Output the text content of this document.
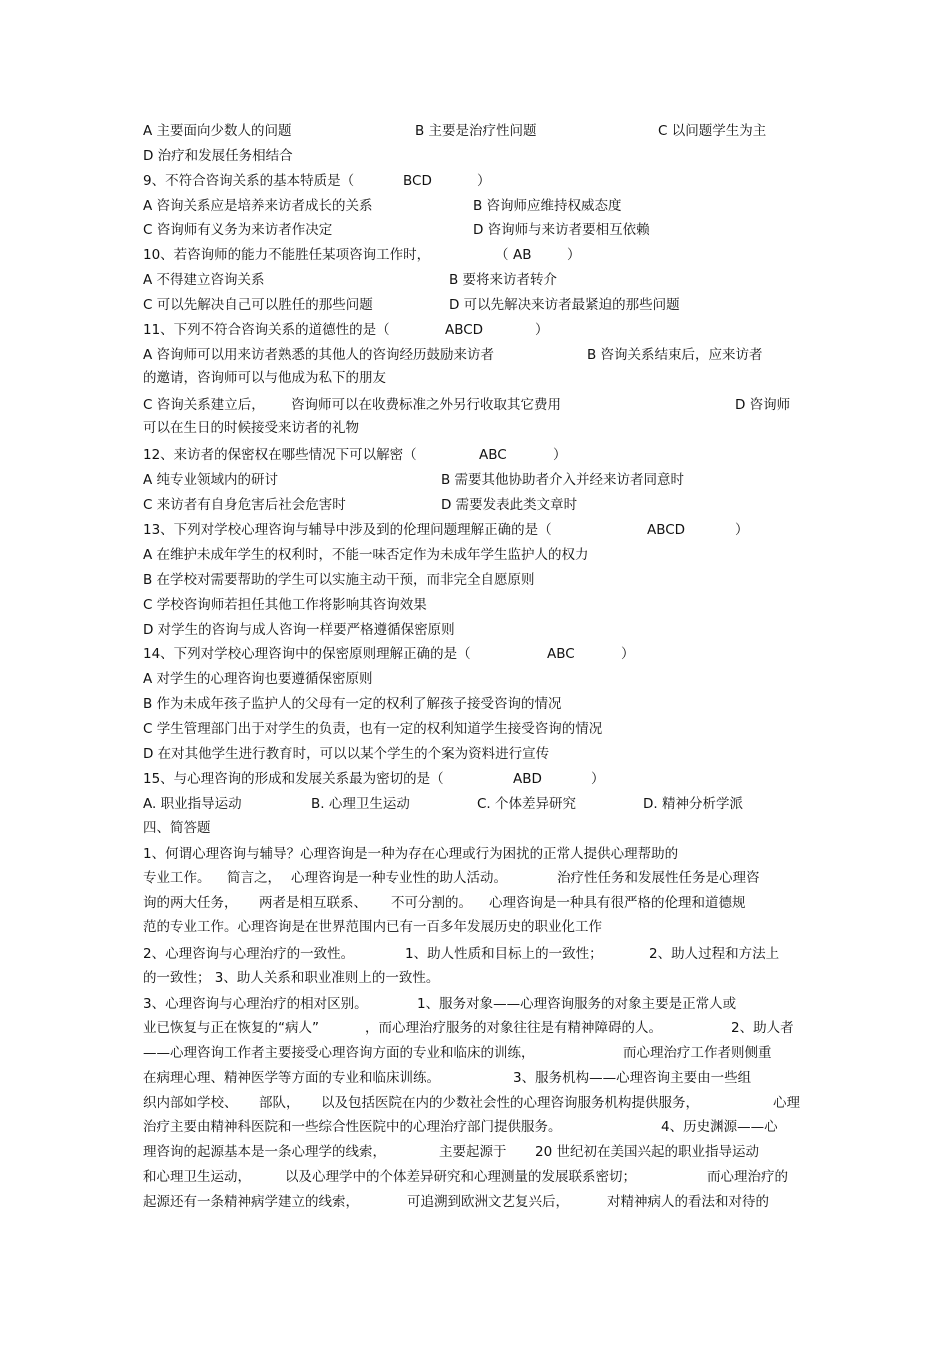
A 主要面向少数人的问题	B 主要是治疗性问题	C 以问题学生为主
D 治疗和发展任务相结合
9、不符合咨询关系的基本特质是（	BCD	）
A 咨询关系应是培养来访者成长的关系	B 咨询师应维持权威态度
C 咨询师有义务为来访者作决定	D 咨询师与来访者要相互依赖
10、若咨询师的能力不能胜任某项咨询工作时，	（ AB	）
A 不得建立咨询关系	B 要将来访者转介
C 可以先解决自己可以胜任的那些问题	D 可以先解决来访者最紧迫的那些问题
11、下列不符合咨询关系的道德性的是（	ABCD	）
A 咨询师可以用来访者熟悉的其他人的咨询经历鼓励来访者	B 咨询关系结束后，应来访者
的邀请，咨询师可以与他成为私下的朋友
C 咨询关系建立后， 咨询师可以在收费标准之外另行收取其它费用	D 咨询师
可以在生日的时候接受来访者的礼物
12、来访者的保密权在哪些情况下可以解密（	ABC	）
A 纯专业领域内的研讨	B 需要其他协助者介入并经来访者同意时
C 来访者有自身危害后社会危害时	D 需要发表此类文章时
13、下列对学校心理咨询与辅导中涉及到的伦理问题理解正确的是（	ABCD	）
A 在维护未成年学生的权利时，不能一味否定作为未成年学生监护人的权力
B 在学校对需要帮助的学生可以实施主动干预，而非完全自愿原则
C 学校咨询师若担任其他工作将影响其咨询效果
D 对学生的咨询与成人咨询一样要严格遵循保密原则
14、下列对学校心理咨询中的保密原则理解正确的是（	ABC	）
A 对学生的心理咨询也要遵循保密原则
B 作为未成年孩子监护人的父母有一定的权利了解孩子接受咨询的情况
C 学生管理部门出于对学生的负责，也有一定的权利知道学生接受咨询的情况
D 在对其他学生进行教育时，可以以某个学生的个案为资料进行宣传
15、与心理咨询的形成和发展关系最为密切的是（	ABD	）
A. 职业指导运动	B. 心理卫生运动	C. 个体差异研究	D. 精神分析学派
四、简答题
1、何谓心理咨询与辅导？心理咨询是一种为存在心理或行为困扰的正常人提供心理帮助的
专业工作。 简言之， 心理咨询是一种专业性的助人活动。	治疗性任务和发展性任务是心理咨
询的两大任务， 两者是相互联系、 不可分割的。 心理咨询是一种具有很严格的伦理和道德规
范的专业工作。心理咨询是在世界范围内已有一百多年发展历史的职业化工作
2、心理咨询与心理治疗的一致性。	1、助人性质和目标上的一致性；	2、助人过程和方法上
的一致性； 3、助人关系和职业准则上的一致性。
3、心理咨询与心理治疗的相对区别。	1、服务对象——心理咨询服务的对象主要是正常人或
业已恢复与正在恢复的“病人”	，而心理治疗服务的对象往往是有精神障碍的人。	2、助人者
——心理咨询工作者主要接受心理咨询方面的专业和临床的训练，	而心理治疗工作者则侧重
在病理心理、精神医学等方面的专业和临床训练。	3、服务机构——心理咨询主要由一些组
织内部如学校、 部队， 以及包括医院在内的少数社会性的心理咨询服务机构提供服务，	心理
治疗主要由精神科医院和一些综合性医院中的心理治疗部门提供服务。	4、历史渊源——心
理咨询的起源基本是一条心理学的线索，	主要起源于 20 世纪初在美国兴起的职业指导运动
和心理卫生运动，	以及心理学中的个体差异研究和心理测量的发展联系密切；	而心理治疗的
起源还有一条精神病学建立的线索，	可追溯到欧洲文艺复兴后，	对精神病人的看法和对待的
